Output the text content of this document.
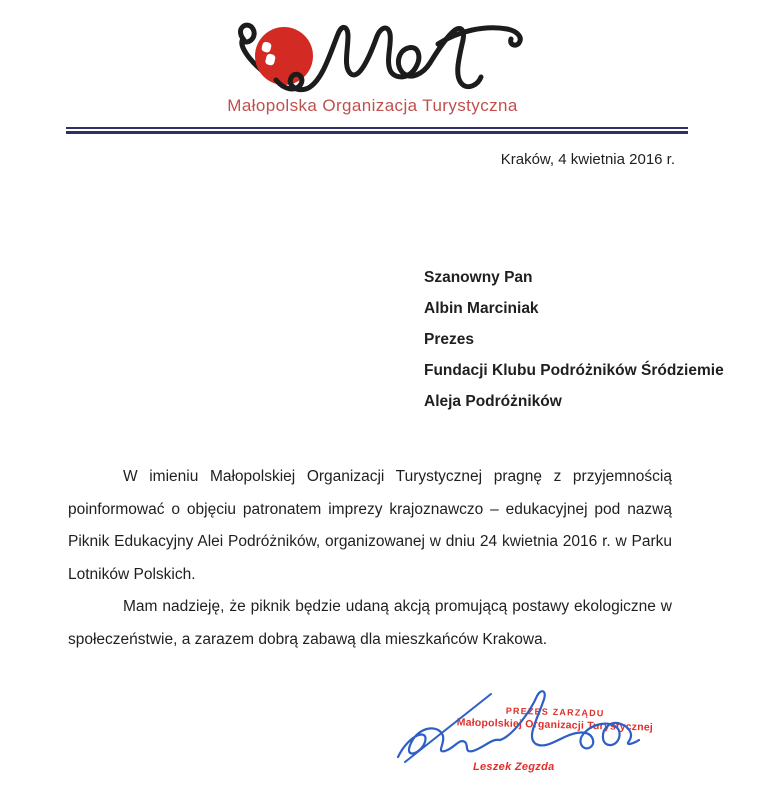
Małopolska Organizacja Turystyczna
Kraków, 4 kwietnia 2016 r.
Szanowny Pan
Albin Marciniak
Prezes
Fundacji Klubu Podróżników Śródziemie
Aleja Podróżników

W imieniu Małopolskiej Organizacji Turystycznej pragnę z przyjemnością poinformować o objęciu patronatem imprezy krajoznawczo – edukacyjnej pod nazwą Piknik Edukacyjny Alei Podróżników, organizowanej w dniu 24 kwietnia 2016 r. w Parku Lotników Polskich.

Mam nadzieję, że piknik będzie udaną akcją promującą postawy ekologiczne w społeczeństwie, a zarazem dobrą zabawą dla mieszkańców Krakowa.

PREZES ZARZĄDU
Małopolskiej Organizacji Turystycznej
Leszek Zegzda
